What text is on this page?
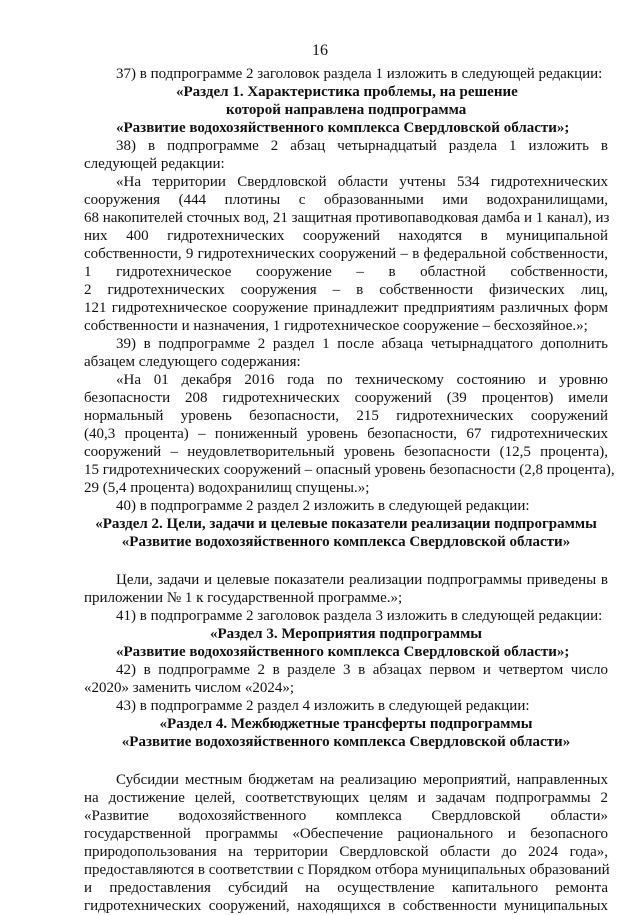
16
37) в подпрограмме 2 заголовок раздела 1 изложить в следующей редакции:
«Раздел 1. Характеристика проблемы, на решение
которой направлена подпрограмма
«Развитие водохозяйственного комплекса Свердловской области»;
38) в подпрограмме 2 абзац четырнадцатый раздела 1 изложить в
следующей редакции:
«На территории Свердловской области учтены 534 гидротехнических
сооружения (444 плотины с образованными ими водохранилищами,
68 накопителей сточных вод, 21 защитная противопаводковая дамба и 1 канал), из
них 400 гидротехнических сооружений находятся в муниципальной
собственности, 9 гидротехнических сооружений – в федеральной собственности,
1 гидротехническое сооружение – в областной собственности,
2 гидротехнических сооружения – в собственности физических лиц,
121 гидротехническое сооружение принадлежит предприятиям различных форм
собственности и назначения, 1 гидротехническое сооружение – бесхозяйное.»;
39) в подпрограмме 2 раздел 1 после абзаца четырнадцатого дополнить
абзацем следующего содержания:
«На 01 декабря 2016 года по техническому состоянию и уровню
безопасности 208 гидротехнических сооружений (39 процентов) имели
нормальный уровень безопасности, 215 гидротехнических сооружений
(40,3 процента) – пониженный уровень безопасности, 67 гидротехнических
сооружений – неудовлетворительный уровень безопасности (12,5 процента),
15 гидротехнических сооружений – опасный уровень безопасности (2,8 процента),
29 (5,4 процента) водохранилищ спущены.»;
40) в подпрограмме 2 раздел 2 изложить в следующей редакции:
«Раздел 2. Цели, задачи и целевые показатели реализации подпрограммы
«Развитие водохозяйственного комплекса Свердловской области»
Цели, задачи и целевые показатели реализации подпрограммы приведены в
приложении № 1 к государственной программе.»;
41) в подпрограмме 2 заголовок раздела 3 изложить в следующей редакции:
«Раздел 3. Мероприятия подпрограммы
«Развитие водохозяйственного комплекса Свердловской области»;
42) в подпрограмме 2 в разделе 3 в абзацах первом и четвертом число
«2020» заменить числом «2024»;
43) в подпрограмме 2 раздел 4 изложить в следующей редакции:
«Раздел 4. Межбюджетные трансферты подпрограммы
«Развитие водохозяйственного комплекса Свердловской области»
Субсидии местным бюджетам на реализацию мероприятий, направленных
на достижение целей, соответствующих целям и задачам подпрограммы 2
«Развитие водохозяйственного комплекса Свердловской области»
государственной программы «Обеспечение рационального и безопасного
природопользования на территории Свердловской области до 2024 года»,
предоставляются в соответствии с Порядком отбора муниципальных образований
и предоставления субсидий на осуществление капитального ремонта
гидротехнических сооружений, находящихся в собственности муниципальных
